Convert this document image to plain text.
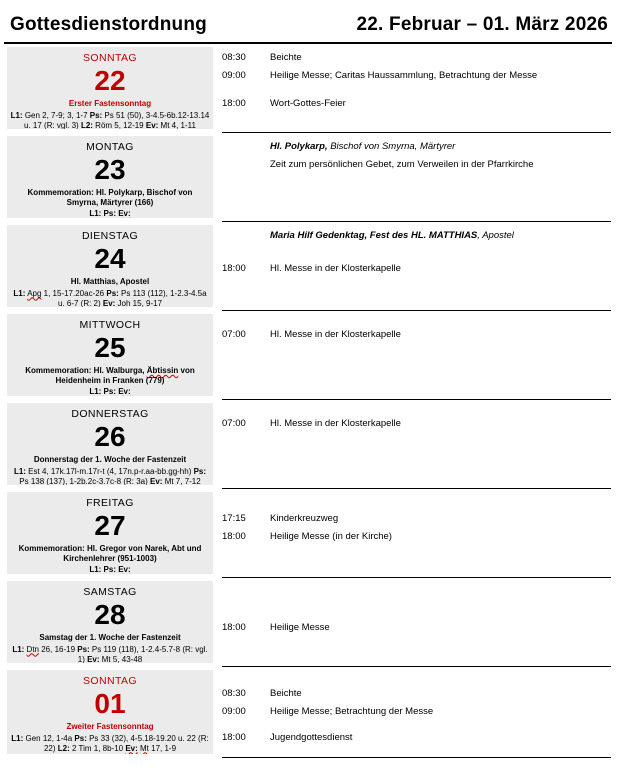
Gottesdienstordnung	22. Februar – 01. März 2026
SONNTAG
22
Erster Fastensonntag
L1: Gen 2, 7-9; 3, 1-7 Ps: Ps 51 (50), 3-4.5-6b.12-13.14 u. 17 (R: vgl. 3) L2: Röm 5, 12-19 Ev: Mt 4, 1-11
08:30	Beichte
09:00	Heilige Messe; Caritas Haussammlung, Betrachtung der Messe
18:00	Wort-Gottes-Feier
MONTAG
23
Kommemoration: Hl. Polykarp, Bischof von Smyrna, Märtyrer (166)
L1: Ps: Ev:
Hl. Polykarp, Bischof von Smyrna, Märtyrer
Zeit zum persönlichen Gebet, zum Verweilen in der Pfarrkirche
DIENSTAG
24
Hl. Matthias, Apostel
L1: Apg 1, 15-17.20ac-26 Ps: Ps 113 (112), 1-2.3-4.5a u. 6-7 (R: 2) Ev: Joh 15, 9-17
Maria Hilf Gedenktag, Fest des HL. MATTHIAS, Apostel
18:00	Hl. Messe in der Klosterkapelle
MITTWOCH
25
Kommemoration: Hl. Walburga, Äbtissin von Heidenheim in Franken (779)
L1: Ps: Ev:
07:00	Hl. Messe in der Klosterkapelle
DONNERSTAG
26
Donnerstag der 1. Woche der Fastenzeit
L1: Est 4, 17k.17l-m.17r-t (4, 17n.p-r.aa-bb.gg-hh) Ps: Ps 138 (137), 1-2b.2c-3.7c-8 (R: 3a) Ev: Mt 7, 7-12
07:00	Hl. Messe in der Klosterkapelle
FREITAG
27
Kommemoration: Hl. Gregor von Narek, Abt und Kirchenlehrer (951-1003)
L1: Ps: Ev:
17:15	Kinderkreuzweg
18:00	Heilige Messe (in der Kirche)
SAMSTAG
28
Samstag der 1. Woche der Fastenzeit
L1: Dtn 26, 16-19 Ps: Ps 119 (118), 1-2.4-5.7-8 (R: vgl. 1) Ev: Mt 5, 43-48
18:00	Heilige Messe
SONNTAG
01
Zweiter Fastensonntag
L1: Gen 12, 1-4a Ps: Ps 33 (32), 4-5.18-19.20 u. 22 (R: 22) L2: 2 Tim 1, 8b-10 Ev: Mt 17, 1-9
08:30	Beichte
09:00	Heilige Messe; Betrachtung der Messe
18:00	Jugendgottesdienst
